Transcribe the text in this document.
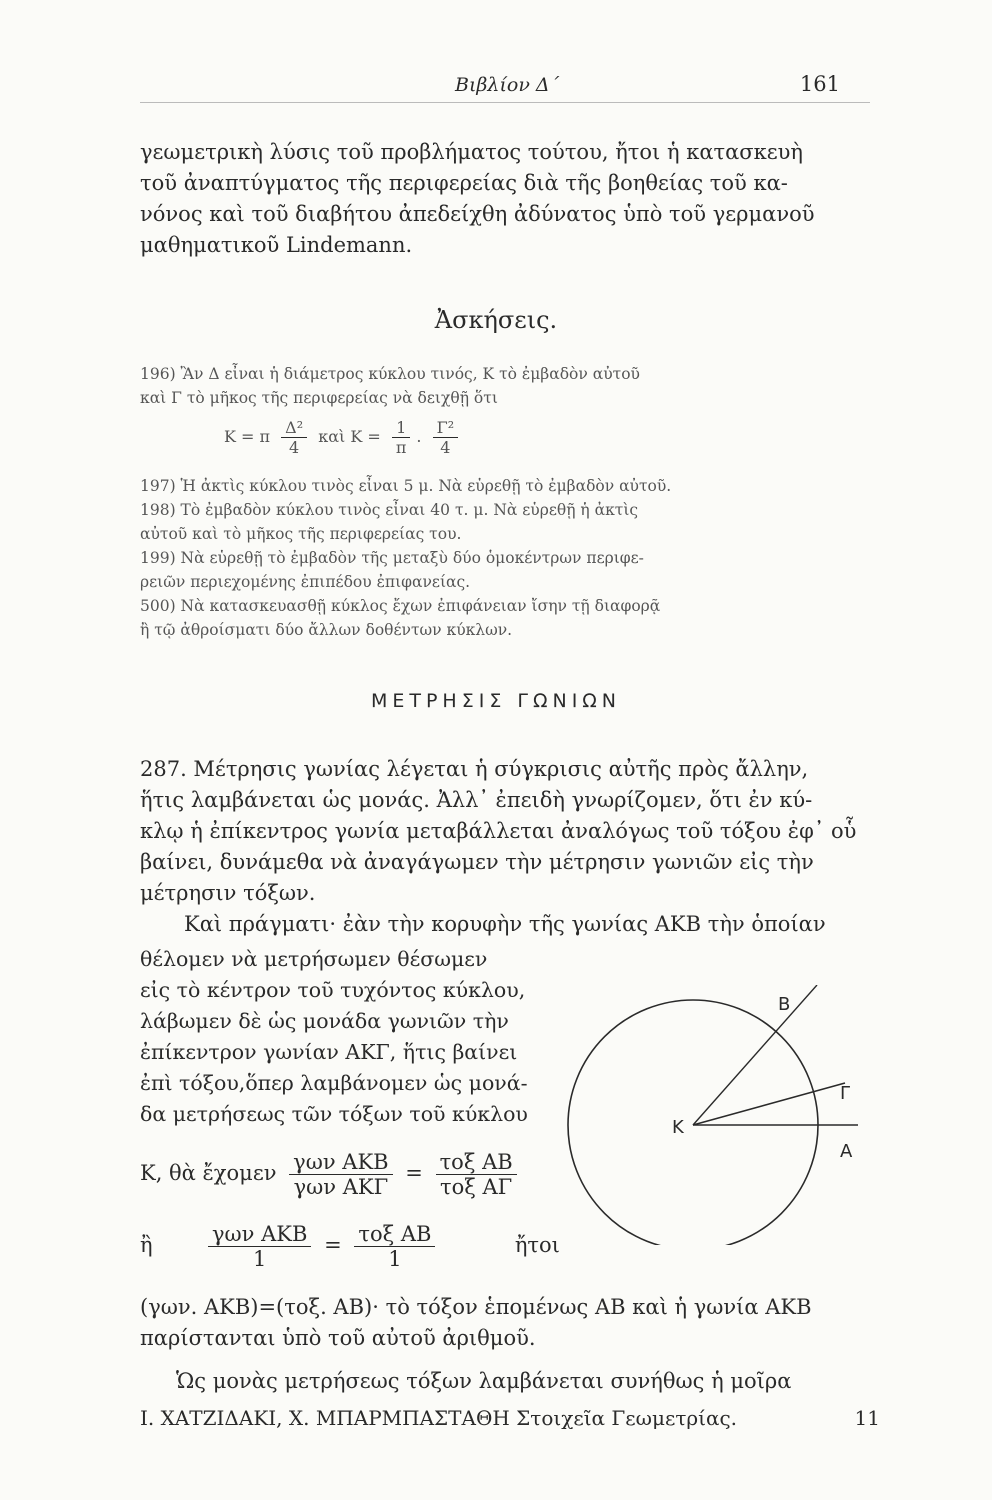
Βιβλίον Δ΄	161
γεωμετρικὴ λύσις τοῦ προβλήματος τούτου, ἤτοι ἡ κατασκευὴ
τοῦ ἀναπτύγματος τῆς περιφερείας διὰ τῆς βοηθείας τοῦ κα-
νόνος καὶ τοῦ διαβήτου ἀπεδείχθη ἀδύνατος ὑπὸ τοῦ γερμανοῦ
μαθηματικοῦ Lindemann.
Ἀσκήσεις.
196) Ἂν Δ εἶναι ἡ διάμετρος κύκλου τινός, Κ τὸ ἐμβαδὸν αὐτοῦ
καὶ Γ τὸ μῆκος τῆς περιφερείας νὰ δειχθῇ ὅτι
Κ = π $\frac{\text{Δ²}}{4}$ καὶ $K = \frac{1}{\pi}$ . $\frac{\text{Γ²}}{4}$
197) Ἡ ἀκτὶς κύκλου τινὸς εἶναι 5 μ. Νὰ εὑρεθῇ τὸ ἐμβαδὸν αὐτοῦ.
198) Τὸ ἐμβαδὸν κύκλου τινὸς εἶναι 40 τ. μ. Νὰ εὑρεθῇ ἡ ἀκτὶς
αὐτοῦ καὶ τὸ μῆκος τῆς περιφερείας του.
199) Νὰ εὑρεθῇ τὸ ἐμβαδὸν τῆς μεταξὺ δύο ὁμοκέντρων περιφε-
ρειῶν περιεχομένης ἐπιπέδου ἐπιφανείας.
500) Νὰ κατασκευασθῇ κύκλος ἔχων ἐπιφάνειαν ἴσην τῇ διαφορᾷ
ἢ τῷ ἀθροίσματι δύο ἄλλων δοθέντων κύκλων.
ΜΕΤΡΗΣΙΣ ΓΩΝΙΩΝ
287. Μέτρησις γωνίας λέγεται ἡ σύγκρισις αὐτῆς πρὸς ἄλλην,
ἥτις λαμβάνεται ὡς μονάς. Ἀλλ᾽ ἐπειδὴ γνωρίζομεν, ὅτι ἐν κύ-
κλῳ ἡ ἐπίκεντρος γωνία μεταβάλλεται ἀναλόγως τοῦ τόξου ἐφ᾽ οὗ
βαίνει, δυνάμεθα νὰ ἀναγάγωμεν τὴν μέτρησιν γωνιῶν εἰς τὴν
μέτρησιν τόξων.
Καὶ πράγματι· ἐὰν τὴν κορυφὴν τῆς γωνίας ΑΚΒ τὴν ὁποίαν
θέλομεν νὰ μετρήσωμεν θέσωμεν
εἰς τὸ κέντρον τοῦ τυχόντος κύκλου,
λάβωμεν δὲ ὡς μονάδα γωνιῶν τὴν
ἐπίκεντρον γωνίαν ΑΚΓ, ἥτις βαίνει
ἐπὶ τόξου,ὅπερ λαμβάνομεν ὡς μονά-
δα μετρήσεως τῶν τόξων τοῦ κύκλου
Κ
Α
Β
Γ
Κ, θὰ ἔχομεν $\frac{\text{γων ΑΚΒ}}{\text{γων ΑΚΓ}} = \frac{\text{τοξ ΑΒ}}{\text{τοξ ΑΓ}}$
ἢ	$\frac{\text{γων ΑΚΒ}}{1} = \frac{\text{τοξ ΑΒ}}{1}$	ἤτοι
(γων. ΑΚΒ)=(τοξ. ΑΒ)· τὸ τόξον ἑπομένως ΑΒ καὶ ἡ γωνία ΑΚΒ
παρίστανται ὑπὸ τοῦ αὐτοῦ ἀριθμοῦ.
Ὡς μονὰς μετρήσεως τόξων λαμβάνεται συνήθως ἡ μοῖρα
Ι. ΧΑΤΖΙΔΑΚΙ, Χ. ΜΠΑΡΜΠΑΣΤΑΘΗ Στοιχεῖα Γεωμετρίας.	11
